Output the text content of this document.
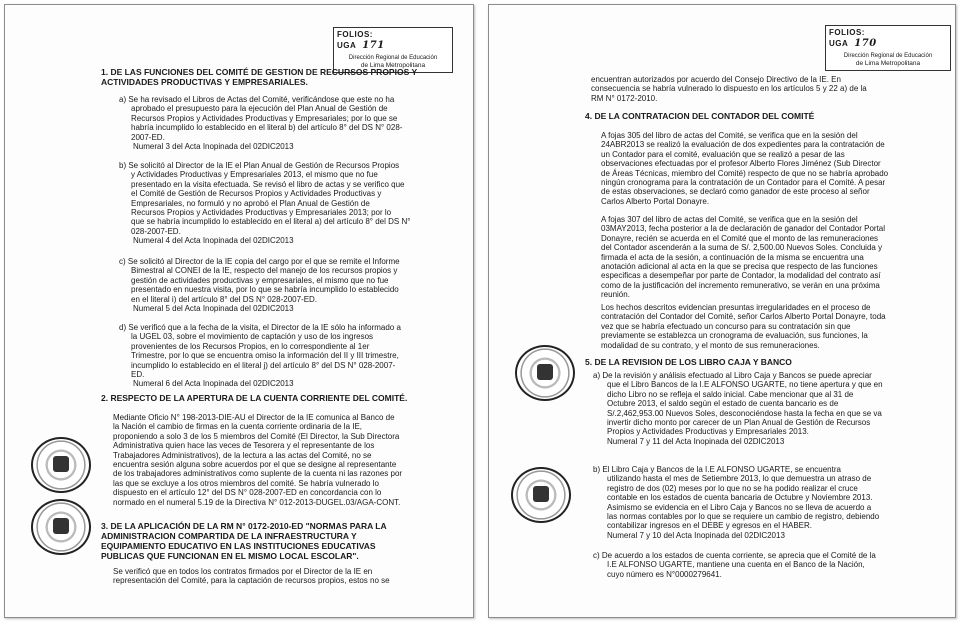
FOLIOS:
UGA 171
Dirección Regional de Educación
de Lima Metropolitana
1. DE LAS FUNCIONES DEL COMITÉ DE GESTION DE RECURSOS PROPIOS Y
ACTIVIDADES PRODUCTIVAS Y EMPRESARIALES.
a) Se ha revisado el Libros de Actas del Comité, verificándose que este no ha
aprobado el presupuesto para la ejecución del Plan Anual de Gestión de
Recursos Propios y Actividades Productivas y Empresariales; por lo que se
habría incumplido lo establecido en el literal b) del artículo 8° del DS N° 028-
2007-ED.
Numeral 3 del Acta Inopinada del 02DIC2013
b) Se solicitó al Director de la IE el Plan Anual de Gestión de Recursos Propios
y Actividades Productivas y Empresariales 2013, el mismo que no fue
presentado en la visita efectuada. Se revisó el libro de actas y se verifico que
el Comité de Gestión de Recursos Propios y Actividades Productivas y
Empresariales, no formuló y no aprobó el Plan Anual de Gestión de
Recursos Propios y Actividades Productivas y Empresariales 2013; por lo
que se habría incumplido lo establecido en el literal a) del artículo 8° del DS N°
028-2007-ED.
Numeral 4 del Acta Inopinada del 02DIC2013
c) Se solicitó al Director de la IE copia del cargo por el que se remite el Informe
Bimestral al CONEI de la IE, respecto del manejo de los recursos propios y
gestión de actividades productivas y empresariales, el mismo que no fue
presentado en nuestra visita, por lo que se habría incumplido lo establecido
en el literal i) del artículo 8° del DS N° 028-2007-ED.
Numeral 5 del Acta Inopinada del 02DIC2013
d) Se verificó que a la fecha de la visita, el Director de la IE sólo ha informado a
la UGEL 03, sobre el movimiento de captación y uso de los ingresos
provenientes de los Recursos Propios, en lo correspondiente al 1er
Trimestre, por lo que se encuentra omiso la información del II y III trimestre,
incumplido lo establecido en el literal j) del artículo 8° del DS N° 028-2007-
ED.
Numeral 6 del Acta Inopinada del 02DIC2013
2. RESPECTO DE LA APERTURA DE LA CUENTA CORRIENTE DEL COMITÉ.
Mediante Oficio N° 198-2013-DIE-AU el Director de la IE comunica al Banco de
la Nación el cambio de firmas en la cuenta corriente ordinaria de la IE,
proponiendo a solo 3 de los 5 miembros del Comité (El Director, la Sub Directora
Administrativa quien hace las veces de Tesorera y el representante de los
Trabajadores Administrativos), de la lectura a las actas del Comité, no se
encuentra sesión alguna sobre acuerdos por el que se designe al representante
de los trabajadores administrativos como suplente de la cuenta ni las razones por
las que se excluye a los otros miembros del comité. Se habría vulnerado lo
dispuesto en el artículo 12° del DS N° 028-2007-ED en concordancia con lo
normado en el numeral 5.19 de la Directiva N° 012-2013-DUGEL.03/AGA-CONT.
3. DE LA APLICACIÓN DE LA RM N° 0172-2010-ED "NORMAS PARA LA
ADMINISTRACION COMPARTIDA DE LA INFRAESTRUCTURA Y
EQUIPAMIENTO EDUCATIVO EN LAS INSTITUCIONES EDUCATIVAS
PUBLICAS QUE FUNCIONAN EN EL MISMO LOCAL ESCOLAR".
Se verificó que en todos los contratos firmados por el Director de la IE en
representación del Comité, para la captación de recursos propios, estos no se
FOLIOS:
UGA 170
Dirección Regional de Educación
de Lima Metropolitana
encuentran autorizados por acuerdo del Consejo Directivo de la IE. En
consecuencia se habría vulnerado lo dispuesto en los artículos 5 y 22 a) de la
RM N° 0172-2010.
4. DE LA CONTRATACION DEL CONTADOR DEL COMITÉ
A fojas 305 del libro de actas del Comité, se verifica que en la sesión del
24ABR2013 se realizó la evaluación de dos expedientes para la contratación de
un Contador para el comité, evaluación que se realizó a pesar de las
observaciones efectuadas por el profesor Alberto Flores Jiménez (Sub Director
de Áreas Técnicas, miembro del Comité) respecto de que no se habría aprobado
ningún cronograma para la contratación de un Contador para el Comité. A pesar
de estas observaciones, se declaró como ganador de este proceso al señor
Carlos Alberto Portal Donayre.
A fojas 307 del libro de actas del Comité, se verifica que en la sesión del
03MAY2013, fecha posterior a la de declaración de ganador del Contador Portal
Donayre, recién se acuerda en el Comité que el monto de las remuneraciones
del Contador ascenderán a la suma de S/. 2,500.00 Nuevos Soles. Concluida y
firmada el acta de la sesión, a continuación de la misma se encuentra una
anotación adicional al acta en la que se precisa que respecto de las funciones
especificas a desempeñar por parte de Contador, la modalidad del contrato así
como de la justificación del incremento remunerativo, se verán en una próxima
reunión.
Los hechos descritos evidencian presuntas irregularidades en el proceso de
contratación del Contador del Comité, señor Carlos Alberto Portal Donayre, toda
vez que se habría efectuado un concurso para su contratación sin que
previamente se establezca un cronograma de evaluación, sus funciones, la
modalidad de su contrato, y el monto de sus remuneraciones.
5. DE LA REVISION DE LOS LIBRO CAJA Y BANCO
a) De la revisión y análisis efectuado al Libro Caja y Bancos se puede apreciar
que el Libro Bancos de la I.E ALFONSO UGARTE, no tiene apertura y que en
dicho Libro no se refleja el saldo inicial. Cabe mencionar que al 31 de
Octubre 2013, el saldo según el estado de cuenta bancario es de
S/.2,462,953.00 Nuevos Soles, desconociéndose hasta la fecha en que se va
invertir dicho monto por carecer de un Plan Anual de Gestión de Recursos
Propios y Actividades Productivas y Empresariales 2013.
Numeral 7 y 11 del Acta Inopinada del 02DIC2013
b) El Libro Caja y Bancos de la I.E ALFONSO UGARTE, se encuentra
utilizando hasta el mes de Setiembre 2013, lo que demuestra un atraso de
registro de dos (02) meses por lo que no se ha podido realizar el cruce
contable en los estados de cuenta bancaria de Octubre y Noviembre 2013.
Asimismo se evidencia en el Libro Caja y Bancos no se lleva de acuerdo a
las normas contables por lo que se requiere un cambio de registro, debiendo
contabilizar ingresos en el DEBE y egresos en el HABER.
Numeral 7 y 10 del Acta Inopinada del 02DIC2013
c) De acuerdo a los estados de cuenta corriente, se aprecia que el Comité de la
I.E ALFONSO UGARTE, mantiene una cuenta en el Banco de la Nación,
cuyo número es N°0000279641.
